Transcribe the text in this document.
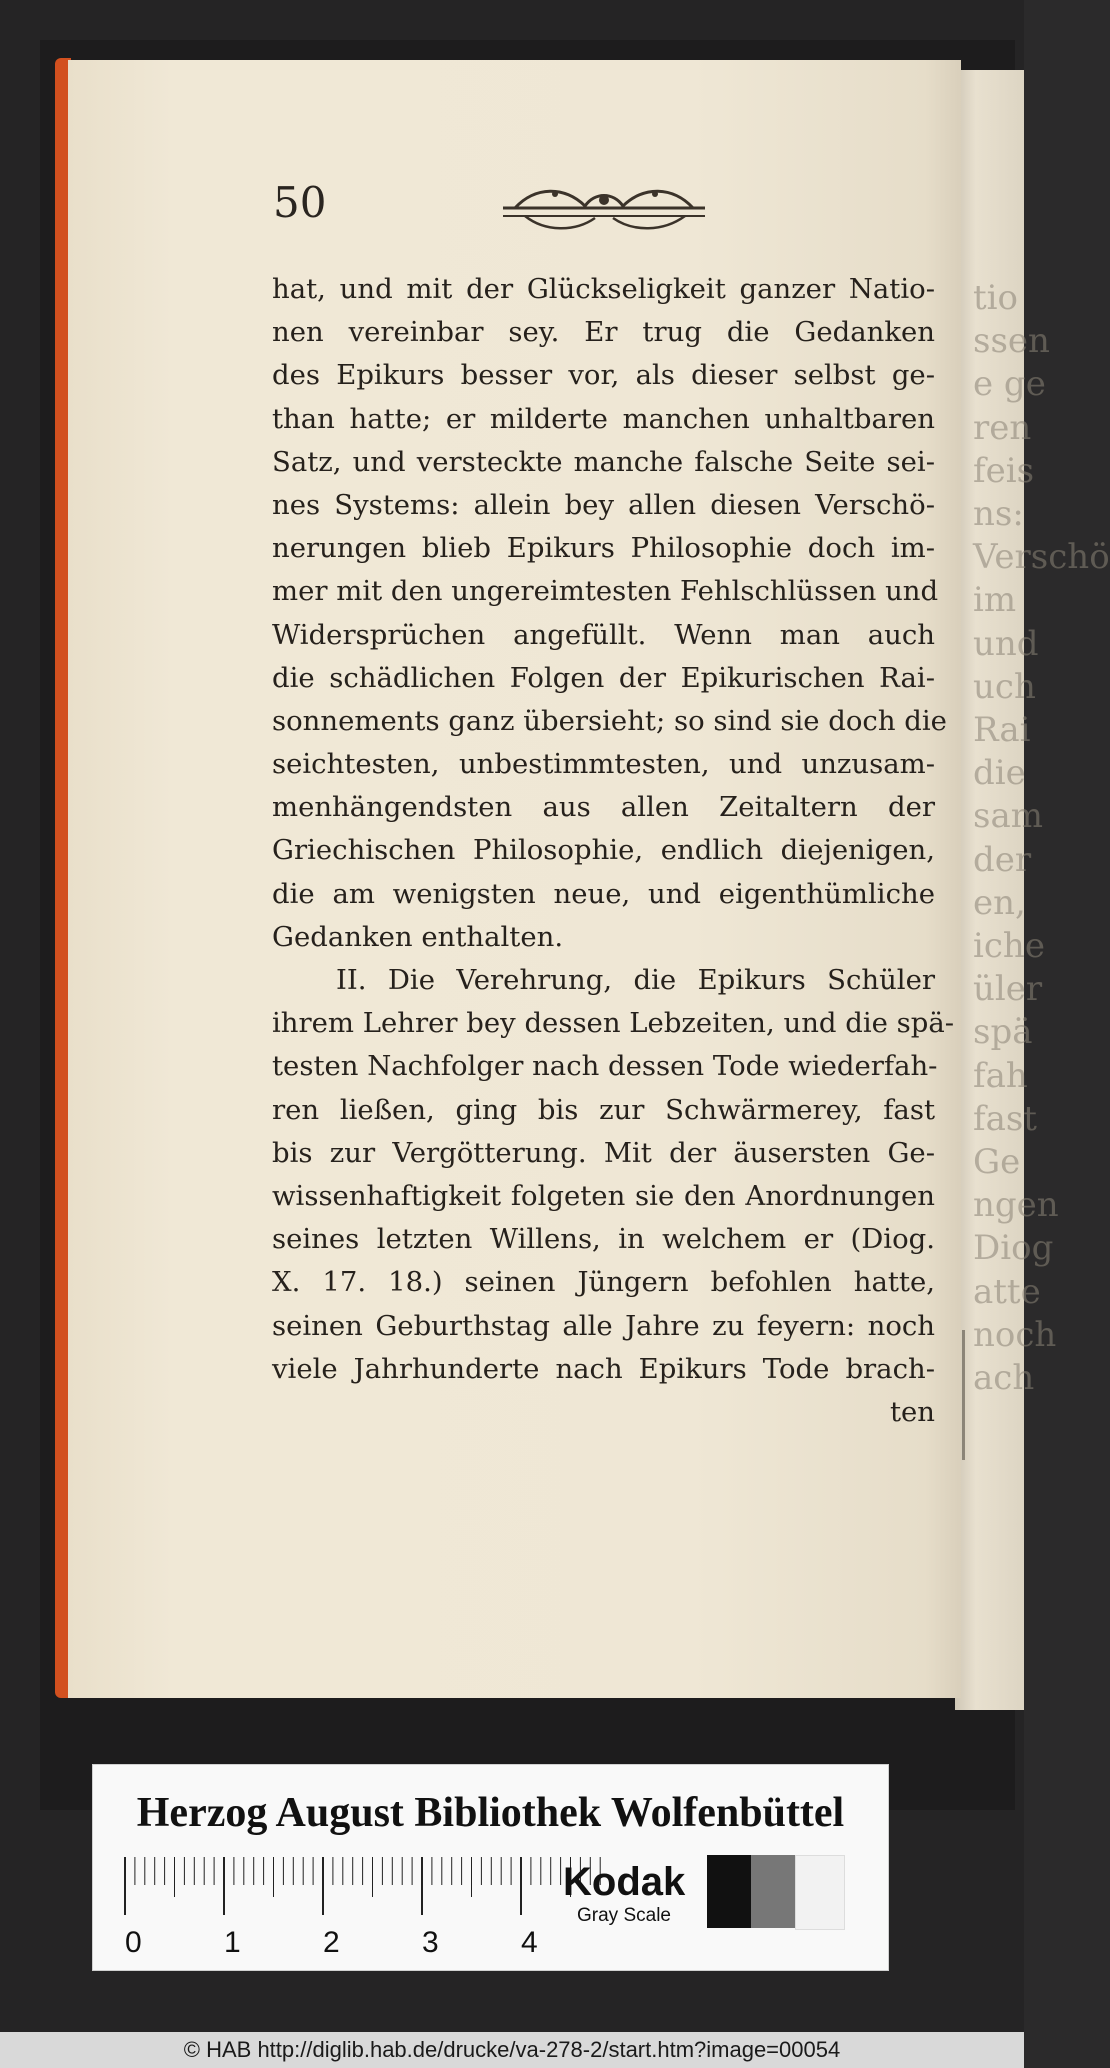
tio
ssen
e ge
ren
feis
ns:
Verschö
im
und
uch
Rai
die
sam
der
en,
iche
üler
spä
fah
fast
Ge
ngen
Diog
atte
noch
ach
50
hat, und mit der Glückseligkeit ganzer Natio-
nen vereinbar sey. Er trug die Gedanken
des Epikurs besser vor, als dieser selbst ge-
than hatte; er milderte manchen unhaltbaren
Satz, und versteckte manche falsche Seite sei-
nes Systems: allein bey allen diesen Verschö-
nerungen blieb Epikurs Philosophie doch im-
mer mit den ungereimtesten Fehlschlüssen und
Widersprüchen angefüllt. Wenn man auch
die schädlichen Folgen der Epikurischen Rai-
sonnements ganz übersieht; so sind sie doch die
seichtesten, unbestimmtesten, und unzusam-
menhängendsten aus allen Zeitaltern der
Griechischen Philosophie, endlich diejenigen,
die am wenigsten neue, und eigenthümliche
Gedanken enthalten.
II. Die Verehrung, die Epikurs Schüler
ihrem Lehrer bey dessen Lebzeiten, und die spä-
testen Nachfolger nach dessen Tode wiederfah-
ren ließen, ging bis zur Schwärmerey, fast
bis zur Vergötterung. Mit der äusersten Ge-
wissenhaftigkeit folgeten sie den Anordnungen
seines letzten Willens, in welchem er (Diog.
X. 17. 18.) seinen Jüngern befohlen hatte,
seinen Geburthstag alle Jahre zu feyern: noch
viele Jahrhunderte nach Epikurs Tode brach-
ten
Herzog August Bibliothek Wolfenbüttel
0	1	2	3	4
Kodak
Gray Scale
© HAB http://diglib.hab.de/drucke/va-278-2/start.htm?image=00054
